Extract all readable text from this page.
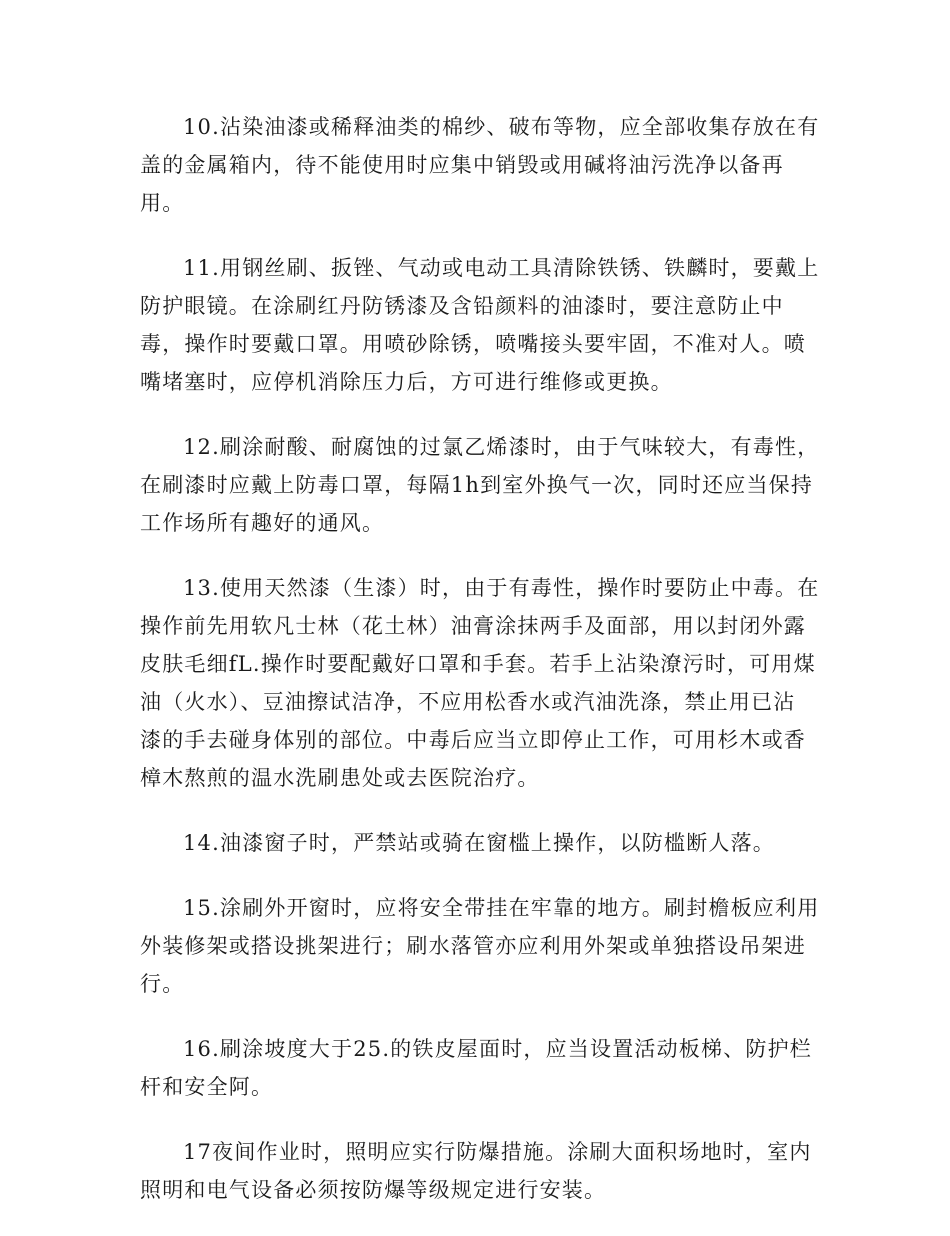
10.沾染油漆或稀释油类的棉纱、破布等物，应全部收集存放在有
盖的金属箱内，待不能使用时应集中销毁或用碱将油污洗净以备再
用。

11.用钢丝刷、扳锉、气动或电动工具清除铁锈、铁麟时，要戴上
防护眼镜。在涂刷红丹防锈漆及含铅颜料的油漆时，要注意防止中
毒，操作时要戴口罩。用喷砂除锈，喷嘴接头要牢固，不准对人。喷
嘴堵塞时，应停机消除压力后，方可进行维修或更换。

12.刷涂耐酸、耐腐蚀的过氯乙烯漆时，由于气味较大，有毒性，
在刷漆时应戴上防毒口罩，每隔1h到室外换气一次，同时还应当保持
工作场所有趣好的通风。

13.使用天然漆（生漆）时，由于有毒性，操作时要防止中毒。在
操作前先用软凡士林（花土林）油膏涂抹两手及面部，用以封闭外露
皮肤毛细fL.操作时要配戴好口罩和手套。若手上沾染潦污时，可用煤
油（火水）、豆油擦试洁净，不应用松香水或汽油洗涤，禁止用已沾
漆的手去碰身体别的部位。中毒后应当立即停止工作，可用杉木或香
樟木熬煎的温水洗刷患处或去医院治疗。

14.油漆窗子时，严禁站或骑在窗槛上操作，以防槛断人落。

15.涂刷外开窗时，应将安全带挂在牢靠的地方。刷封檐板应利用
外装修架或搭设挑架进行；刷水落管亦应利用外架或单独搭设吊架进
行。

16.刷涂坡度大于25.的铁皮屋面时，应当设置活动板梯、防护栏
杆和安全阿。

17夜间作业时，照明应实行防爆措施。涂刷大面积场地时，室内
照明和电气设备必须按防爆等级规定进行安装。
